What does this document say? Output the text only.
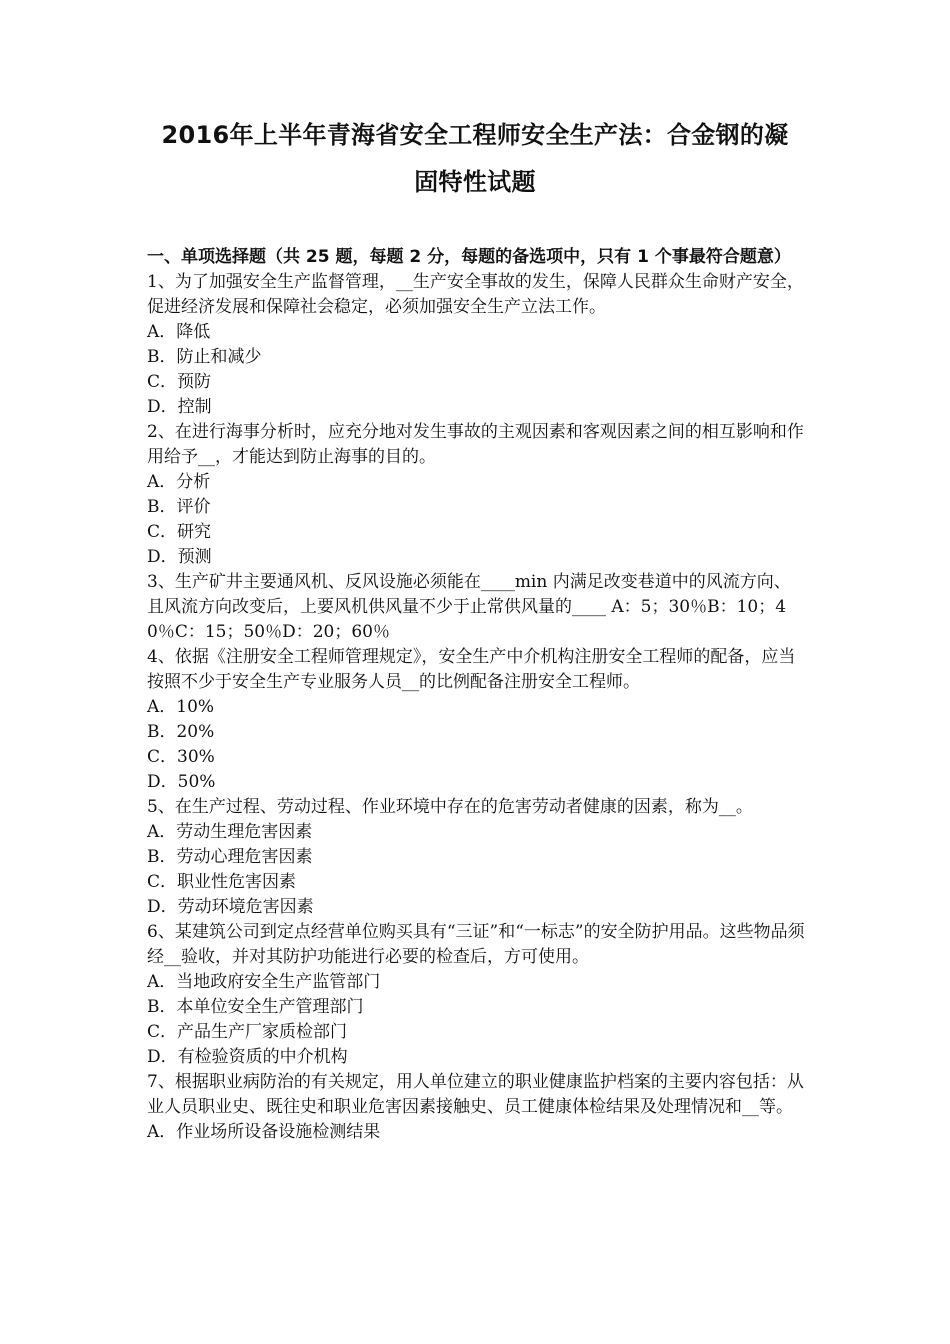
2016年上半年青海省安全工程师安全生产法：合金钢的凝
固特性试题
一、单项选择题（共 25 题，每题 2 分，每题的备选项中，只有 1 个事最符合题意）

1、为了加强安全生产监督管理，__生产安全事故的发生，保障人民群众生命财产安全，促进经济发展和保障社会稳定，必须加强安全生产立法工作。

A．降低

B．防止和减少

C．预防

D．控制

2、在进行海事分析时，应充分地对发生事故的主观因素和客观因素之间的相互影响和作用给予__，才能达到防止海事的目的。

A．分析

B．评价

C．研究

D．预测

3、生产矿井主要通风机、反风设施必须能在____min 内满足改变巷道中的风流方向、且风流方向改变后，上要风机供风量不少于止常供风量的____ A：5；30％B：10；40％C：15；50％D：20；60％

4、依据《注册安全工程师管理规定》，安全生产中介机构注册安全工程师的配备，应当按照不少于安全生产专业服务人员__的比例配备注册安全工程师。

A．10%

B．20%

C．30%

D．50%

5、在生产过程、劳动过程、作业环境中存在的危害劳动者健康的因素，称为__。

A．劳动生理危害因素

B．劳动心理危害因素

C．职业性危害因素

D．劳动环境危害因素

6、某建筑公司到定点经营单位购买具有“三证”和“一标志”的安全防护用品。这些物品须经__验收，并对其防护功能进行必要的检查后，方可使用。

A．当地政府安全生产监管部门

B．本单位安全生产管理部门

C．产品生产厂家质检部门

D．有检验资质的中介机构

7、根据职业病防治的有关规定，用人单位建立的职业健康监护档案的主要内容包括：从业人员职业史、既往史和职业危害因素接触史、员工健康体检结果及处理情况和__等。

A．作业场所设备设施检测结果
